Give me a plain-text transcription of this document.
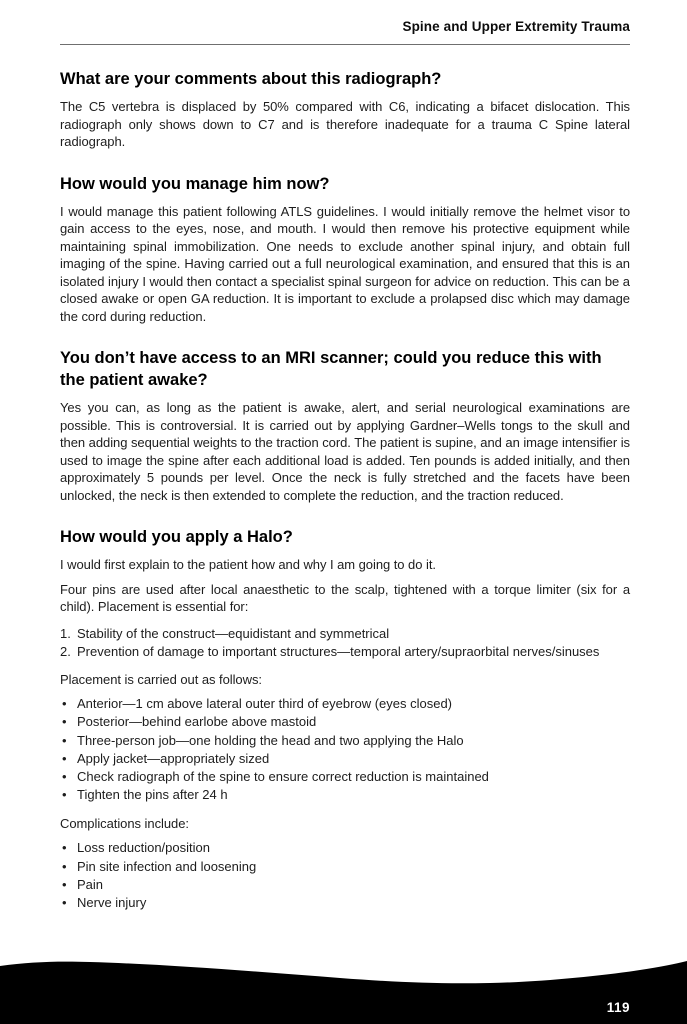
Spine and Upper Extremity Trauma
What are your comments about this radiograph?

The C5 vertebra is displaced by 50% compared with C6, indicating a bifacet dislocation. This radiograph only shows down to C7 and is therefore inadequate for a trauma C Spine lateral radiograph.

How would you manage him now?

I would manage this patient following ATLS guidelines. I would initially remove the helmet visor to gain access to the eyes, nose, and mouth. I would then remove his protective equipment while maintaining spinal immobilization. One needs to exclude another spinal injury, and obtain full imaging of the spine. Having carried out a full neurological examination, and ensured that this is an isolated injury I would then contact a specialist spinal surgeon for advice on reduction. This can be a closed awake or open GA reduction. It is important to exclude a prolapsed disc which may damage the cord during reduction.

You don’t have access to an MRI scanner; could you reduce this with the patient awake?

Yes you can, as long as the patient is awake, alert, and serial neurological examinations are possible. This is controversial. It is carried out by applying Gardner–Wells tongs to the skull and then adding sequential weights to the traction cord. The patient is supine, and an image intensifier is used to image the spine after each additional load is added. Ten pounds is added initially, and then approximately 5 pounds per level. Once the neck is fully stretched and the facets have been unlocked, the neck is then extended to complete the reduction, and the traction reduced.

How would you apply a Halo?

I would first explain to the patient how and why I am going to do it.

Four pins are used after local anaesthetic to the scalp, tightened with a torque limiter (six for a child). Placement is essential for:

Stability of the construct—equidistant and symmetrical
Prevention of damage to important structures—temporal artery/supraorbital nerves/sinuses

Placement is carried out as follows:

• Anterior—1 cm above lateral outer third of eyebrow (eyes closed)
• Posterior—behind earlobe above mastoid
• Three-person job—one holding the head and two applying the Halo
• Apply jacket—appropriately sized
• Check radiograph of the spine to ensure correct reduction is maintained
• Tighten the pins after 24 h

Complications include:

• Loss reduction/position
• Pin site infection and loosening
• Pain
• Nerve injury
119
